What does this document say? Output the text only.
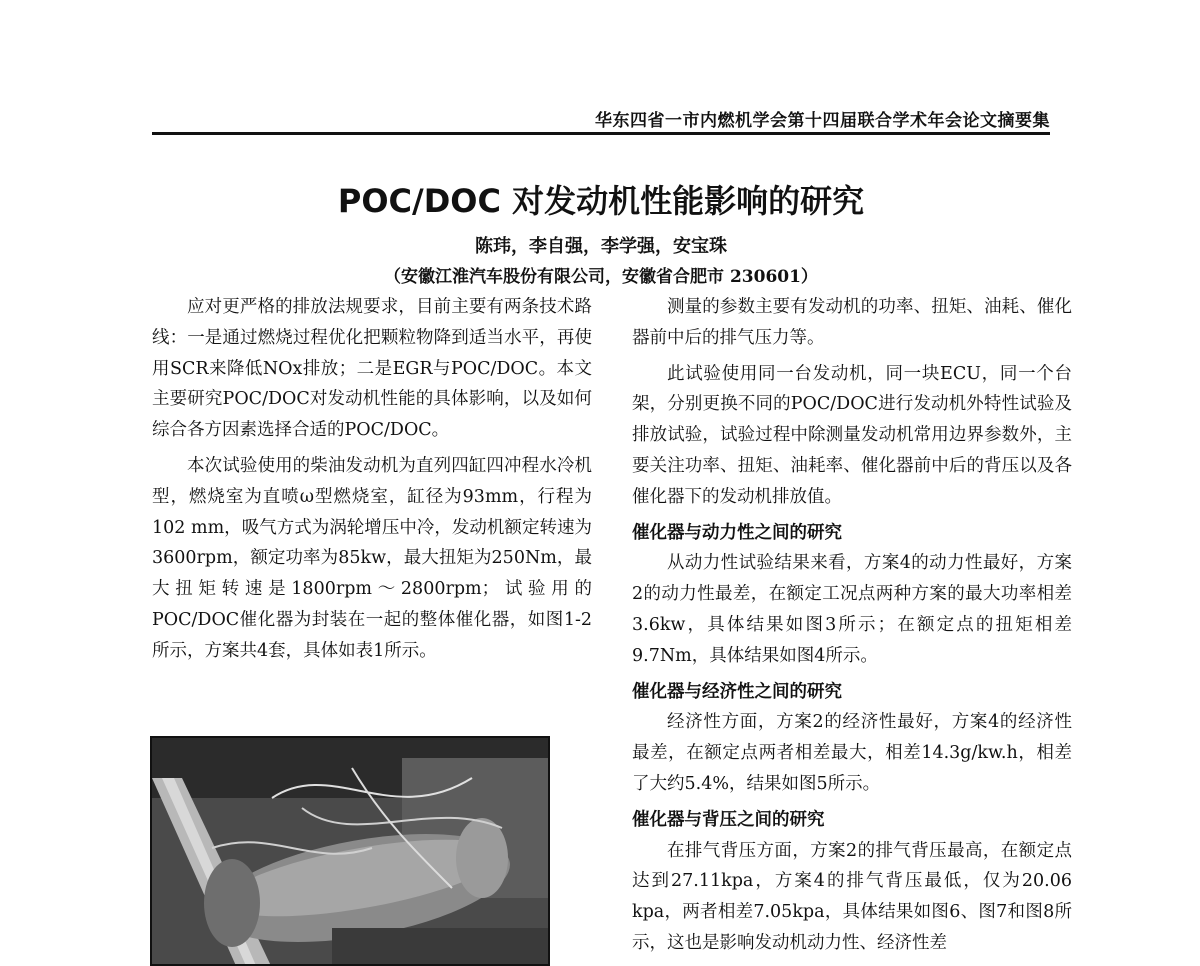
华东四省一市内燃机学会第十四届联合学术年会论文摘要集
POC/DOC 对发动机性能影响的研究
陈玮，李自强，李学强，安宝珠
（安徽江淮汽车股份有限公司，安徽省合肥市 230601）

应对更严格的排放法规要求，目前主要有两条技术路线：一是通过燃烧过程优化把颗粒物降到适当水平，再使用SCR来降低NOx排放；二是EGR与POC/DOC。本文主要研究POC/DOC对发动机性能的具体影响，以及如何综合各方因素选择合适的POC/DOC。

本次试验使用的柴油发动机为直列四缸四冲程水冷机型，燃烧室为直喷ω型燃烧室，缸径为93mm，行程为102 mm，吸气方式为涡轮增压中冷，发动机额定转速为3600rpm，额定功率为85kw，最大扭矩为250Nm，最大扭矩转速是1800rpm～2800rpm；试验用的POC/DOC催化器为封装在一起的整体催化器，如图1-2所示，方案共4套，具体如表1所示。

测量的参数主要有发动机的功率、扭矩、油耗、催化器前中后的排气压力等。

此试验使用同一台发动机，同一块ECU，同一个台架，分别更换不同的POC/DOC进行发动机外特性试验及排放试验，试验过程中除测量发动机常用边界参数外，主要关注功率、扭矩、油耗率、催化器前中后的背压以及各催化器下的发动机排放值。

催化器与动力性之间的研究

从动力性试验结果来看，方案4的动力性最好，方案2的动力性最差，在额定工况点两种方案的最大功率相差3.6kw，具体结果如图3所示；在额定点的扭矩相差9.7Nm，具体结果如图4所示。

催化器与经济性之间的研究

经济性方面，方案2的经济性最好，方案4的经济性最差，在额定点两者相差最大，相差14.3g/kw.h，相差了大约5.4%，结果如图5所示。

催化器与背压之间的研究

在排气背压方面，方案2的排气背压最高，在额定点达到27.11kpa，方案4的排气背压最低，仅为20.06 kpa，两者相差7.05kpa，具体结果如图6、图7和图8所示，这也是影响发动机动力性、经济性差
